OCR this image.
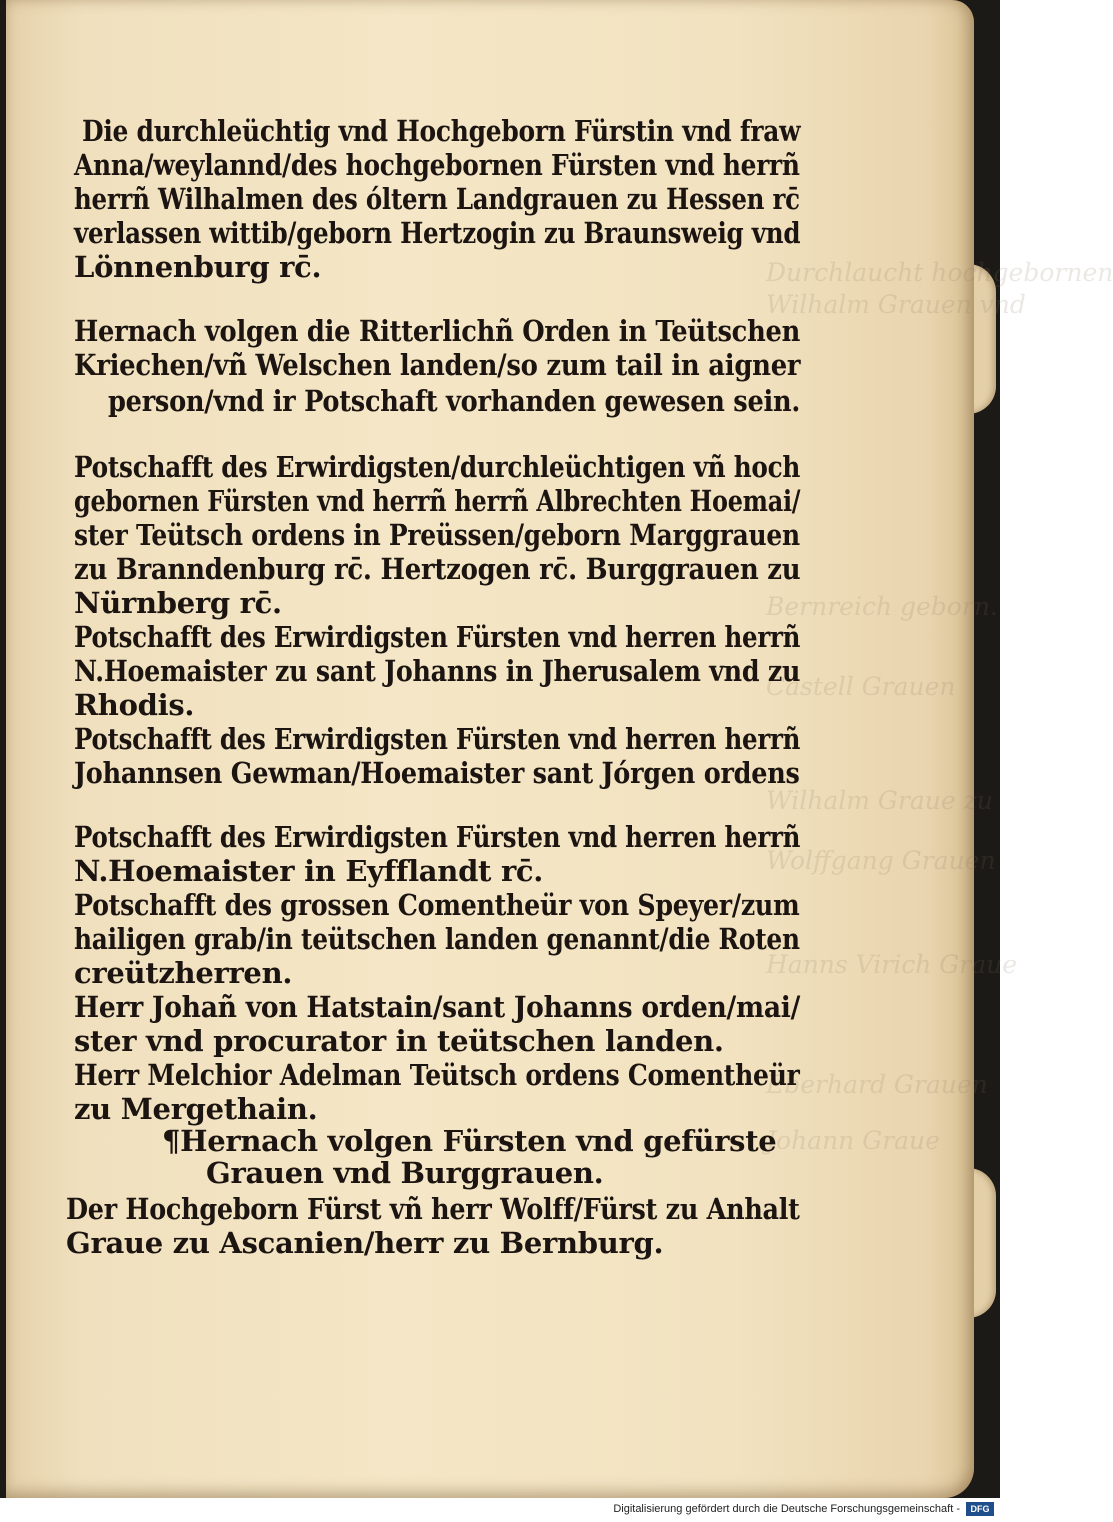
Durchlaucht hochgebornen
Wilhalm Grauen vnd
Bernreich geborn.
Castell Grauen
Wilhalm Graue zu
Wolffgang Grauen
Hanns Virich Graue
Eberhard Grauen
Johann Graue

Die durchleüchtig vnd Hochgeborn Fürstin vnd fraw

Anna/weylannd/des hochgebornen Fürsten vnd herrñ

herrñ Wilhalmen des óltern Landgrauen zu Hessen rc̄

verlassen wittib/geborn Hertzogin zu Braunsweig vnd

Lönnenburg rc̄.

Hernach volgen die Ritterlichñ Orden in Teütschen

Kriechen/vñ Welschen landen/so zum tail in aigner

person/vnd ir Potschaft vorhanden gewesen sein.

Potschafft des Erwirdigsten/durchleüchtigen vñ hoch

gebornen Fürsten vnd herrñ herrñ Albrechten Hoemai/

ster Teütsch ordens in Preüssen/geborn Marggrauen

zu Branndenburg rc̄. Hertzogen rc̄. Burggrauen zu

Nürnberg rc̄.

Potschafft des Erwirdigsten Fürsten vnd herren herrñ

N.Hoemaister zu sant Johanns in Jherusalem vnd zu

Rhodis.

Potschafft des Erwirdigsten Fürsten vnd herren herrñ

Johannsen Gewman/Hoemaister sant Jórgen ordens

Potschafft des Erwirdigsten Fürsten vnd herren herrñ

N.Hoemaister in Eyfflandt rc̄.

Potschafft des grossen Comentheür von Speyer/zum

hailigen grab/in teütschen landen genannt/die Roten

creützherren.

Herr Johañ von Hatstain/sant Johanns orden/mai/

ster vnd procurator in teütschen landen.

Herr Melchior Adelman Teütsch ordens Comentheür

zu Mergethain.

¶Hernach volgen Fürsten vnd gefürste

Grauen vnd Burggrauen.

Der Hochgeborn Fürst vñ herr Wolff/Fürst zu Anhalt

Graue zu Ascanien/herr zu Bernburg.

Digitalisierung gefördert durch die Deutsche Forschungsgemeinschaft -	DFG
